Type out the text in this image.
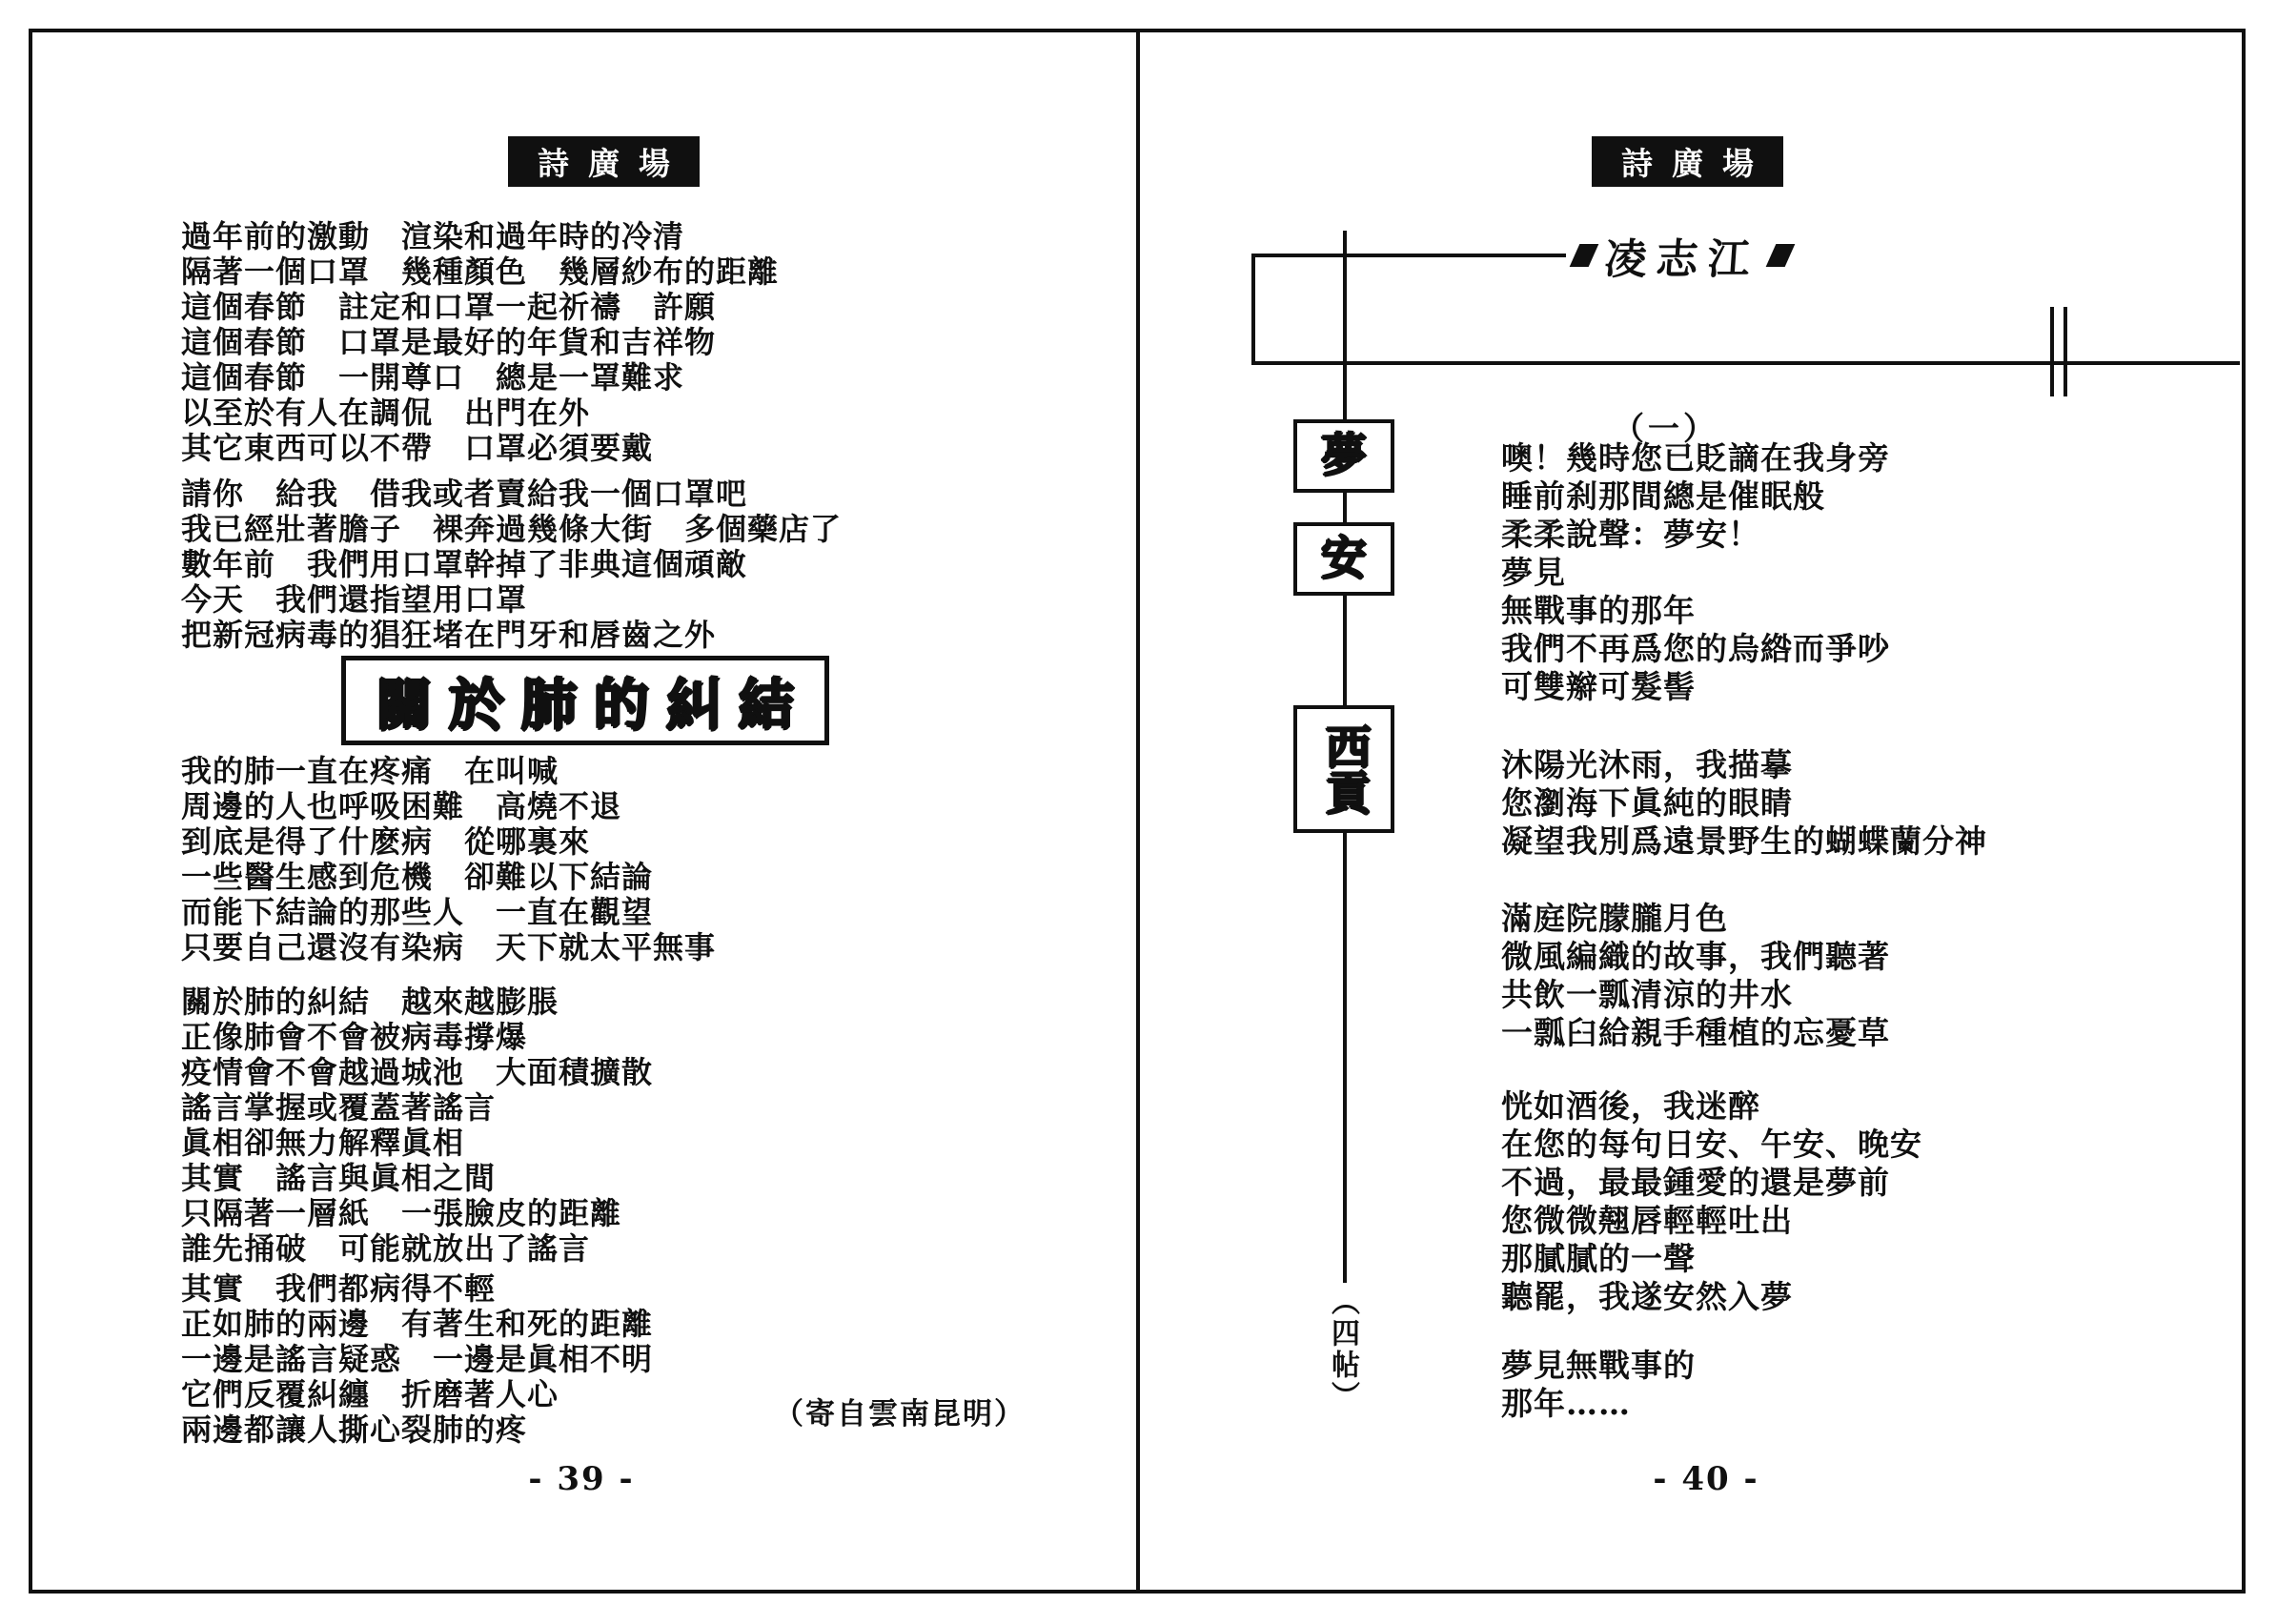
詩廣場
過年前的激動　渲染和過年時的冷清
隔著一個口罩　幾種顏色　幾層紗布的距離
這個春節　註定和口罩一起祈禱　許願
這個春節　口罩是最好的年貨和吉祥物
這個春節　一開尊口　總是一罩難求
以至於有人在調侃　出門在外
其它東西可以不帶　口罩必須要戴
請你　給我　借我或者賣給我一個口罩吧
我已經壯著膽子　裸奔過幾條大街　多個藥店了
數年前　我們用口罩幹掉了非典這個頑敵
今天　我們還指望用口罩
把新冠病毒的猖狂堵在門牙和唇齒之外
關於肺的糾結
我的肺一直在疼痛　在叫喊
周邊的人也呼吸困難　高燒不退
到底是得了什麽病　從哪裏來
一些醫生感到危機　卻難以下結論
而能下結論的那些人　一直在觀望
只要自己還沒有染病　天下就太平無事
關於肺的糾結　越來越膨脹
正像肺會不會被病毒撐爆
疫情會不會越過城池　大面積擴散
謠言掌握或覆蓋著謠言
眞相卻無力解釋眞相
其實　謠言與眞相之間
只隔著一層紙　一張臉皮的距離
誰先捅破　可能就放出了謠言
其實　我們都病得不輕
正如肺的兩邊　有著生和死的距離
一邊是謠言疑惑　一邊是眞相不明
它們反覆糾纏　折磨著人心
兩邊都讓人撕心裂肺的疼	（寄自雲南昆明）
- 39 -
詩廣場
凌志江
夢
安
西貢
（四帖）
（一）
噢！幾時您已貶謫在我身旁
睡前刹那間總是催眠般
柔柔說聲：夢安！
夢見
無戰事的那年
我們不再爲您的烏綹而爭吵
可雙辮可髮髻
沐陽光沐雨，我描摹
您瀏海下眞純的眼睛
凝望我別爲遠景野生的蝴蝶蘭分神
滿庭院朦朧月色
微風編織的故事，我們聽著
共飲一瓢清涼的井水
一瓢臼給親手種植的忘憂草
恍如酒後，我迷醉
在您的每句日安、午安、晚安
不過，最最鍾愛的還是夢前
您微微翹唇輕輕吐出
那膩膩的一聲
聽罷，我遂安然入夢
夢見無戰事的
那年……
- 40 -
